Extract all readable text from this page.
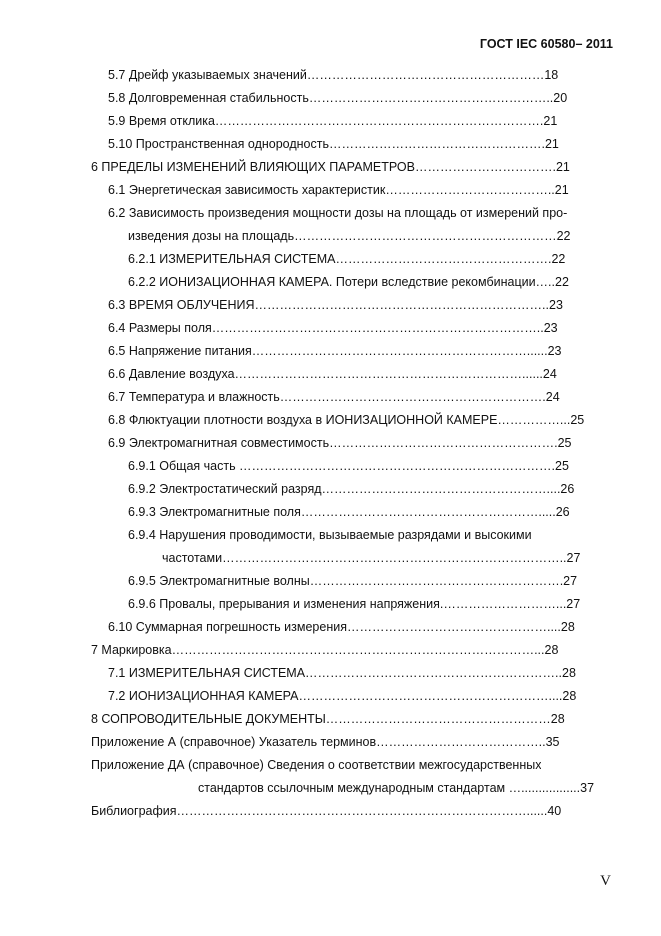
ГОСТ IEC 60580– 2011
5.7 Дрейф указываемых значений…………………………………………………18
5.8 Долговременная стабильность…………………………………………………..20
5.9 Время отклика…………………………………………………………………….21
5.10 Пространственная однородность…………………………………………….21
6 ПРЕДЕЛЫ ИЗМЕНЕНИЙ ВЛИЯЮЩИХ ПАРАМЕТРОВ…………………………….21
6.1 Энергетическая зависимость характеристик…………………………………..21
6.2 Зависимость произведения мощности дозы на площадь от измерений про-
изведения дозы на площадь………………………………………………………22
6.2.1 ИЗМЕРИТЕЛЬНАЯ СИСТЕМА…………………………………………….22
6.2.2 ИОНИЗАЦИОННАЯ КАМЕРА. Потери вследствие рекомбинации…..22
6.3 ВРЕМЯ ОБЛУЧЕНИЯ……………………………………………………………..23
6.4 Размеры поля……………………………………………………………………..23
6.5 Напряжение питания…………………………………………………………......23
6.6 Давление воздуха……………………………………………………………......24
6.7 Температура и влажность……………………………………………………….24
6.8 Флюктуации плотности воздуха в ИОНИЗАЦИОННОЙ КАМЕРЕ……………...25
6.9 Электромагнитная совместимость……………………………………………….25
6.9.1 Общая часть ………………………………………………………………….25
6.9.2 Электростатический разряд………………………………………………....26
6.9.3 Электромагнитные поля………………………………………………….....26
6.9.4 Нарушения проводимости, вызываемые разрядами и высокими
частотами………………………………………………………………………..27
6.9.5 Электромагнитные волны…………………………………………………….27
6.9.6 Провалы, прерывания и изменения напряжения.………………………...27
6.10 Суммарная погрешность измерения…………………………………………....28
7 Маркировка……………………………………………………………………………...28
7.1 ИЗМЕРИТЕЛЬНАЯ СИСТЕМА……………………………………………………..28
7.2 ИОНИЗАЦИОННАЯ КАМЕРА……………………………………………………....28
8 СОПРОВОДИТЕЛЬНЫЕ ДОКУМЕНТЫ………………………………………………28
Приложение А (справочное) Указатель терминов…………………………………..35
Приложение ДА (справочное) Сведения о соответствии межгосударственных
стандартов ссылочным международным стандартам ….................37
Библиография…………………………………………………………………………......40
V
